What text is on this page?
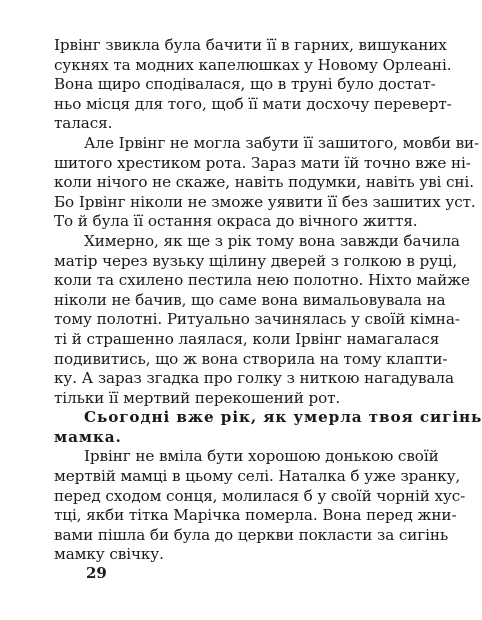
Ірвінг звикла була бачити її в гарних, вишуканих
сукнях та модних капелюшках у Новому Орлеані.
Вона щиро сподівалася, що в труні було достат-
ньо місця для того, щоб її мати досхочу переверт-
талася.
Але Ірвінг не могла забути її зашитого, мовби ви-
шитого хрестиком рота. Зараз мати їй точно вже ні-
коли нічого не скаже, навіть подумки, навіть уві сні.
Бо Ірвінг ніколи не зможе уявити її без зашитих уст.
То й була її остання окраса до вічного життя.
Химерно, як ще з рік тому вона завжди бачила
матір через вузьку щілину дверей з голкою в руці,
коли та схилено пестила нею полотно. Ніхто майже
ніколи не бачив, що саме вона вимальовувала на
тому полотні. Ритуально зачинялась у своїй кімна-
ті й страшенно лаялася, коли Ірвінг намагалася
подивитись, що ж вона створила на тому клапти-
ку. А зараз згадка про голку з ниткою нагадувала
тільки її мертвий перекошений рот.
Сьогодні вже рік, як умерла твоя сигінь
мамка.
Ірвінг не вміла бути хорошою донькою своїй
мертвій мамці в цьому селі. Наталка б уже зранку,
перед сходом сонця, молилася б у своїй чорній хус-
тці, якби тітка Марічка померла. Вона перед жни-
вами пішла би була до церкви покласти за сигінь
мамку свічку.
29
